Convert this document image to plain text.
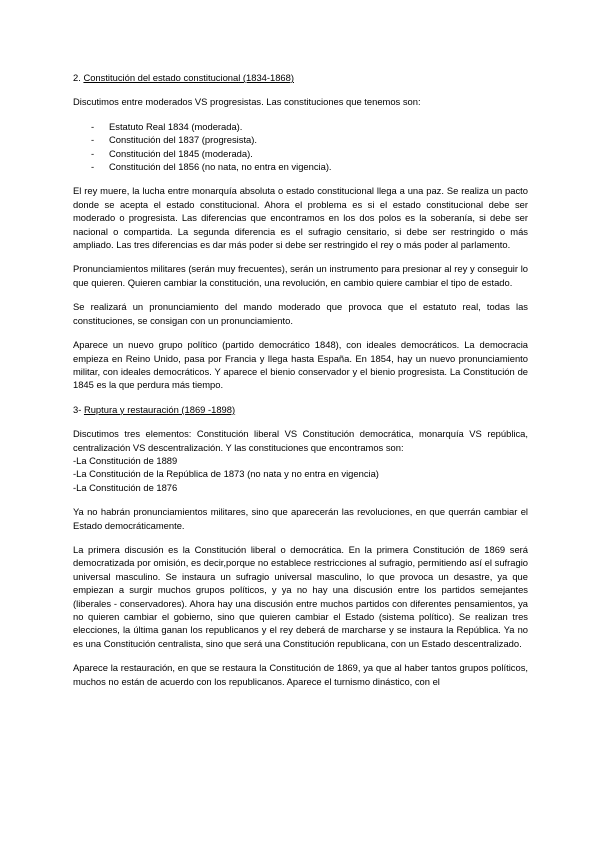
2. Constitución del estado constitucional (1834-1868)

Discutimos entre moderados VS progresistas. Las constituciones que tenemos son:

- Estatuto Real 1834 (moderada).
- Constitución del 1837 (progresista).
- Constitución del 1845 (moderada).
- Constitución del 1856 (no nata, no entra en vigencia).

El rey muere, la lucha entre monarquía absoluta o estado constitucional llega a una paz. Se realiza un pacto donde se acepta el estado constitucional. Ahora el problema es si el estado constitucional debe ser moderado o progresista. Las diferencias que encontramos en los dos polos es la soberanía, si debe ser nacional o compartida. La segunda diferencia es el sufragio censitario, si debe ser restringido o más ampliado. Las tres diferencias es dar más poder si debe ser restringido el rey o más poder al parlamento.

Pronunciamientos militares (serán muy frecuentes), serán un instrumento para presionar al rey y conseguir lo que quieren. Quieren cambiar la constitución, una revolución, en cambio quiere cambiar el tipo de estado.

Se realizará un pronunciamiento del mando moderado que provoca que el estatuto real, todas las constituciones, se consigan con un pronunciamiento.

Aparece un nuevo grupo político (partido democrático 1848), con ideales democráticos. La democracia empieza en Reino Unido, pasa por Francia y llega hasta España. En 1854, hay un nuevo pronunciamiento militar, con ideales democráticos. Y aparece el bienio conservador y el bienio progresista. La Constitución de 1845 es la que perdura más tiempo.

3- Ruptura y restauración (1869 -1898)

Discutimos tres elementos: Constitución liberal VS Constitución democrática, monarquía VS república, centralización VS descentralización. Y las constituciones que encontramos son:

-La Constitución de 1889
-La Constitución de la República de 1873 (no nata y no entra en vigencia)
-La Constitución de 1876

Ya no habrán pronunciamientos militares, sino que aparecerán las revoluciones, en que querrán cambiar el Estado democráticamente.

La primera discusión es la Constitución liberal o democrática. En la primera Constitución de 1869 será democratizada por omisión, es decir,porque no establece restricciones al sufragio, permitiendo así el sufragio universal masculino. Se instaura un sufragio universal masculino, lo que provoca un desastre, ya que empiezan a surgir muchos grupos políticos, y ya no hay una discusión entre los partidos semejantes (liberales - conservadores). Ahora hay una discusión entre muchos partidos con diferentes pensamientos, ya no quieren cambiar el gobierno, sino que quieren cambiar el Estado (sistema político). Se realizan tres elecciones, la última ganan los republicanos y el rey deberá de marcharse y se instaura la República. Ya no es una Constitución centralista, sino que será una Constitución republicana, con un Estado descentralizado.

Aparece la restauración, en que se restaura la Constitución de 1869, ya que al haber tantos grupos políticos, muchos no están de acuerdo con los republicanos. Aparece el turnismo dinástico, con el
